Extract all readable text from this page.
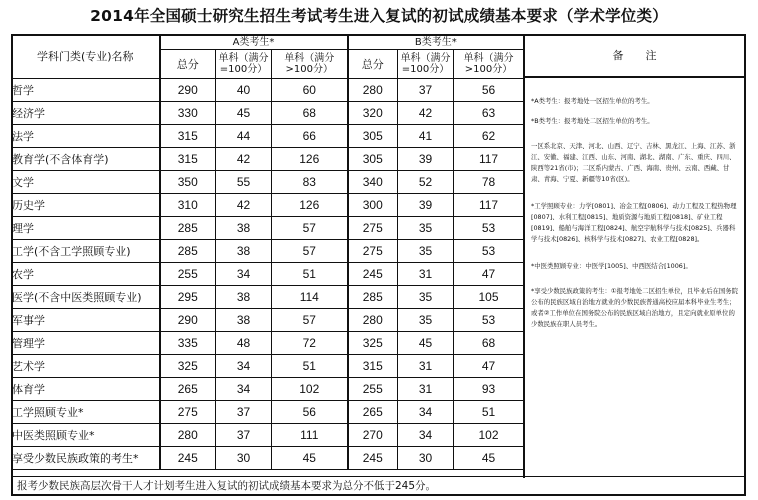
2014年全国硕士研究生招生考试考生进入复试的初试成绩基本要求（学术学位类）
学科门类(专业)名称	A类考生*			B类考生*		
	总分	单科（满分=100分）	单科（满分>100分）	总分	单科（满分=100分）	单科（满分>100分）

哲学	290	40	60	280	37	56
经济学	330	45	68	320	42	63
法学	315	44	66	305	41	62
教育学(不含体育学)	315	42	126	305	39	117
文学	350	55	83	340	52	78
历史学	310	42	126	300	39	117
理学	285	38	57	275	35	53
工学(不含工学照顾专业)	285	38	57	275	35	53
农学	255	34	51	245	31	47
医学(不含中医类照顾专业)	295	38	114	285	35	105
军事学	290	38	57	280	35	53
管理学	335	48	72	325	45	68
艺术学	325	34	51	315	31	47
体育学	265	34	102	255	31	93
工学照顾专业*	275	37	56	265	34	51
中医类照顾专业*	280	37	111	270	34	102
享受少数民族政策的考生*	245	30	45	245	30	45
备注

*A类考生：报考地处一区招生单位的考生。

*B类考生：报考地处二区招生单位的考生。

一区系北京、天津、河北、山西、辽宁、吉林、黑龙江、上海、江苏、浙江、安徽、福建、江西、山东、河南、湖北、湖南、广东、重庆、四川、陕西等21省(市)；二区系内蒙古、广西、海南、贵州、云南、西藏、甘肃、青海、宁夏、新疆等10省(区)。

*工学照顾专业：力学[0801]、冶金工程[0806]、动力工程及工程热物理[0807]、水利工程[0815]、地质资源与地质工程[0818]、矿业工程[0819]、船舶与海洋工程[0824]、航空宇航科学与技术[0825]、兵器科学与技术[0826]、核科学与技术[0827]、农业工程[0828]。

*中医类照顾专业：中医学[1005]、中西医结合[1006]。

*享受少数民族政策的考生：①报考地处二区招生单位，且毕业后在国务院公布的民族区域自治地方就业的少数民族普通高校应届本科毕业生考生；或者②工作单位在国务院公布的民族区域自治地方，且定向就业原单位的少数民族在职人员考生。

报考少数民族高层次骨干人才计划考生进入复试的初试成绩基本要求为总分不低于245分。
